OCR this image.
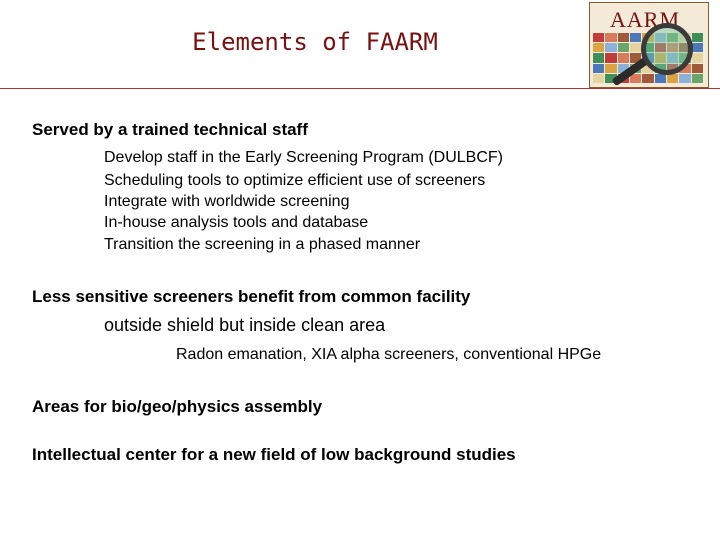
Elements of FAARM
AARM
Served by a trained technical staff
Develop staff in the Early Screening Program (DULBCF)
Scheduling tools to optimize efficient use of screeners
Integrate with worldwide screening
In-house analysis tools and database
Transition the screening in a phased manner
Less sensitive screeners benefit from common facility
outside shield but inside clean area
Radon emanation, XIA alpha screeners, conventional HPGe
Areas for bio/geo/physics assembly
Intellectual center for a new field of low background studies
